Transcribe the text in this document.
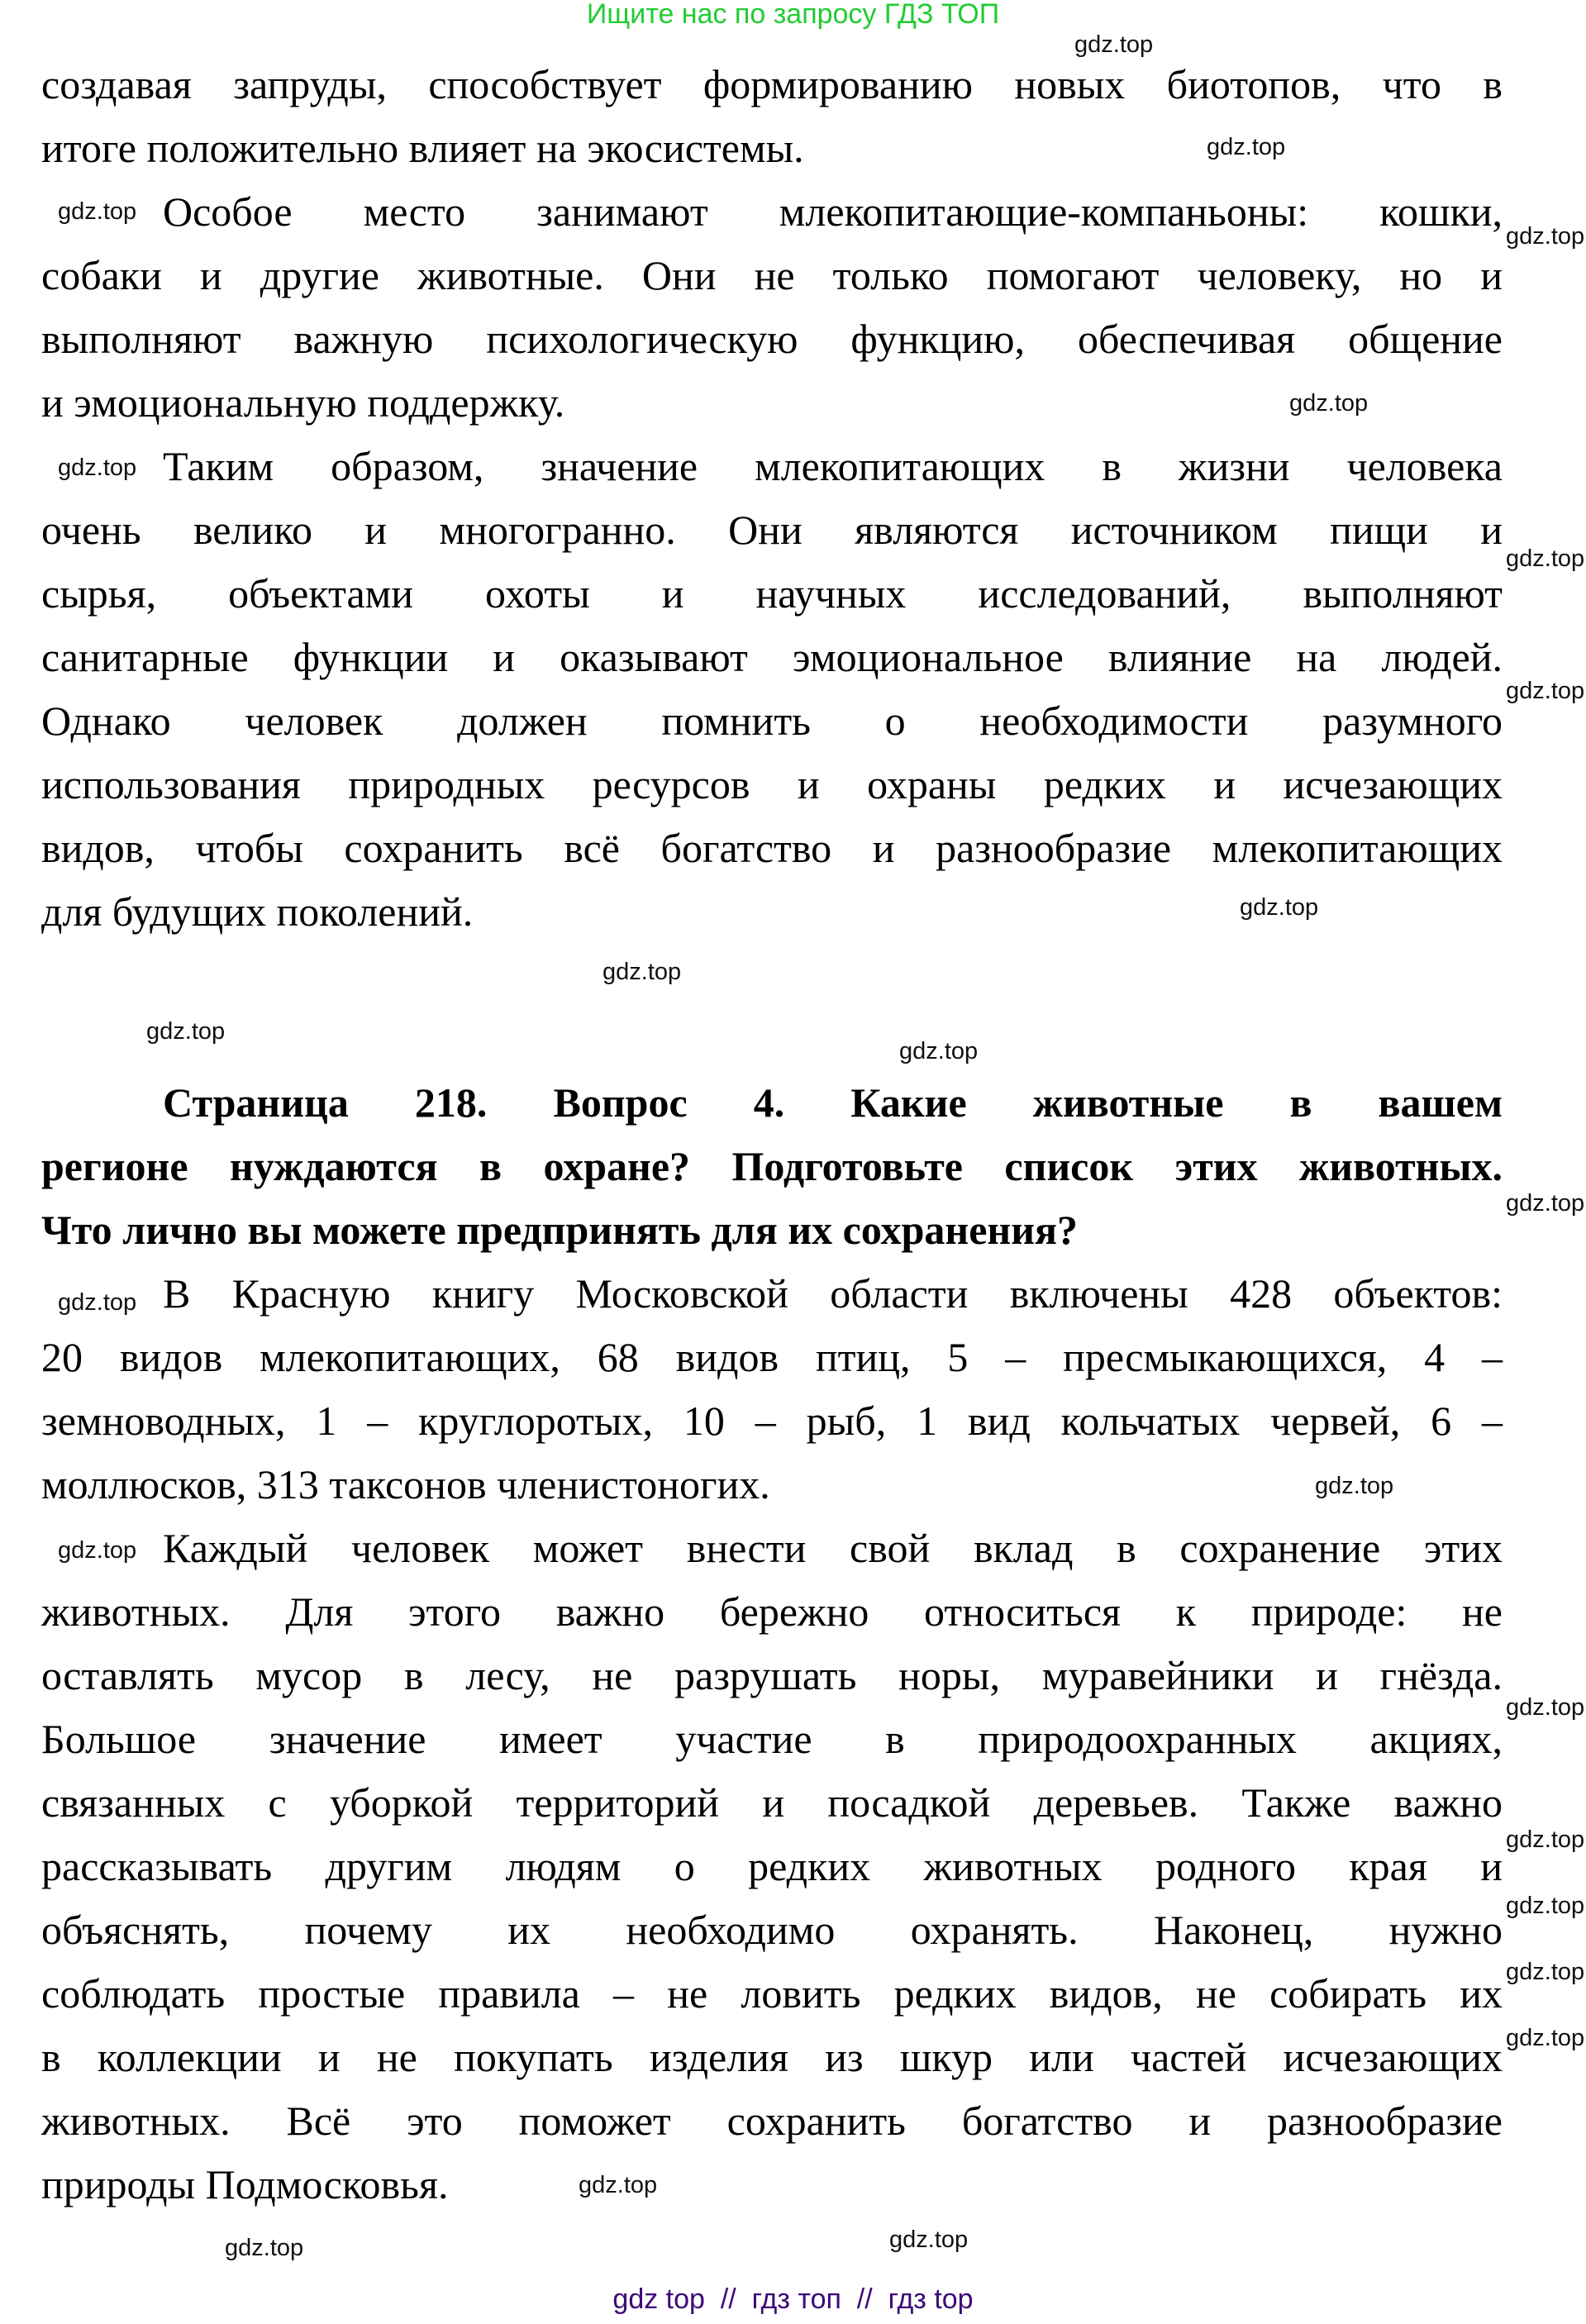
Ищите нас по запросу ГДЗ ТОП
создавая запруды, способствует формированию новых биотопов, что в
итоге положительно влияет на экосистемы.
Особое место занимают млекопитающие-компаньоны: кошки,
собаки и другие животные. Они не только помогают человеку, но и
выполняют важную психологическую функцию, обеспечивая общение
и эмоциональную поддержку.
Таким образом, значение млекопитающих в жизни человека
очень велико и многогранно. Они являются источником пищи и
сырья, объектами охоты и научных исследований, выполняют
санитарные функции и оказывают эмоциональное влияние на людей.
Однако человек должен помнить о необходимости разумного
использования природных ресурсов и охраны редких и исчезающих
видов, чтобы сохранить всё богатство и разнообразие млекопитающих
для будущих поколений.
Страница 218. Вопрос 4. Какие животные в вашем
регионе нуждаются в охране? Подготовьте список этих животных.
Что лично вы можете предпринять для их сохранения?
В Красную книгу Московской области включены 428 объектов:
20 видов млекопитающих, 68 видов птиц, 5 – пресмыкающихся, 4 –
земноводных, 1 – круглоротых, 10 – рыб, 1 вид кольчатых червей, 6 –
моллюсков, 313 таксонов членистоногих.
Каждый человек может внести свой вклад в сохранение этих
животных. Для этого важно бережно относиться к природе: не
оставлять мусор в лесу, не разрушать норы, муравейники и гнёзда.
Большое значение имеет участие в природоохранных акциях,
связанных с уборкой территорий и посадкой деревьев. Также важно
рассказывать другим людям о редких животных родного края и
объяснять, почему их необходимо охранять. Наконец, нужно
соблюдать простые правила – не ловить редких видов, не собирать их
в коллекции и не покупать изделия из шкур или частей исчезающих
животных. Всё это поможет сохранить богатство и разнообразие
природы Подмосковья.
gdz.top
gdz.top
gdz.top
gdz.top
gdz.top
gdz.top
gdz.top
gdz.top
gdz.top
gdz.top
gdz.top
gdz.top
gdz.top
gdz.top
gdz.top
gdz.top
gdz.top
gdz.top
gdz.top
gdz.top
gdz.top
gdz.top
gdz.top
gdz.top
gdz top  //  гдз топ  //  гдз top
